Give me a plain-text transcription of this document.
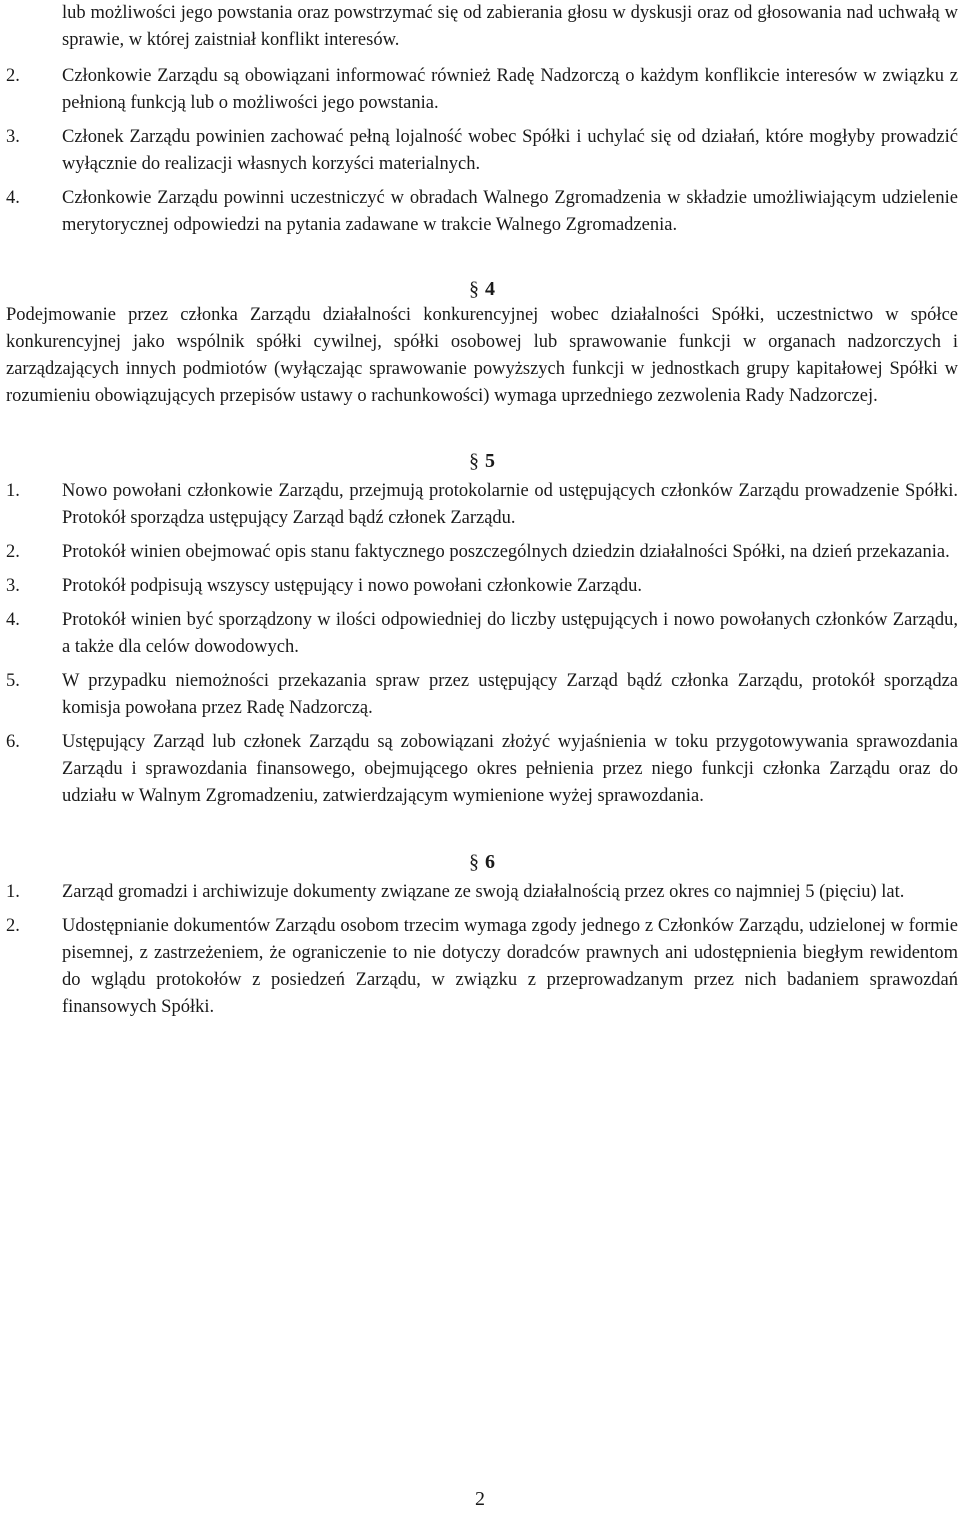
lub możliwości jego powstania oraz powstrzymać się od zabierania głosu w dyskusji oraz od głosowania nad uchwałą w sprawie, w której zaistniał konflikt interesów.
2.	Członkowie Zarządu są obowiązani informować również Radę Nadzorczą o każdym konflikcie interesów w związku z pełnioną funkcją lub o możliwości jego powstania.
3.	Członek Zarządu powinien zachować pełną lojalność wobec Spółki i uchylać się od działań, które mogłyby prowadzić wyłącznie do realizacji własnych korzyści materialnych.
4.	Członkowie Zarządu powinni uczestniczyć w obradach Walnego Zgromadzenia w składzie umożliwiającym udzielenie merytorycznej odpowiedzi na pytania zadawane w trakcie Walnego Zgromadzenia.
§ 4
Podejmowanie przez członka Zarządu działalności konkurencyjnej wobec działalności Spółki, uczestnictwo w spółce konkurencyjnej jako wspólnik spółki cywilnej, spółki osobowej lub sprawowanie funkcji w organach nadzorczych i zarządzających innych podmiotów (wyłączając sprawowanie powyższych funkcji w jednostkach grupy kapitałowej Spółki w rozumieniu obowiązujących przepisów ustawy o rachunkowości) wymaga uprzedniego zezwolenia Rady Nadzorczej.
§ 5
1.	Nowo powołani członkowie Zarządu, przejmują protokolarnie od ustępujących członków Zarządu prowadzenie Spółki. Protokół sporządza ustępujący Zarząd bądź członek Zarządu.
2.	Protokół winien obejmować opis stanu faktycznego poszczególnych dziedzin działalności Spółki, na dzień przekazania.
3.	Protokół podpisują wszyscy ustępujący i nowo powołani członkowie Zarządu.
4.	Protokół winien być sporządzony w ilości odpowiedniej do liczby ustępujących i nowo powołanych członków Zarządu, a także dla celów dowodowych.
5.	W przypadku niemożności przekazania spraw przez ustępujący Zarząd bądź członka Zarządu, protokół sporządza komisja powołana przez Radę Nadzorczą.
6.	Ustępujący Zarząd lub członek Zarządu są zobowiązani złożyć wyjaśnienia w toku przygotowywania sprawozdania Zarządu i sprawozdania finansowego, obejmującego okres pełnienia przez niego funkcji członka Zarządu oraz do udziału w Walnym Zgromadzeniu, zatwierdzającym wymienione wyżej sprawozdania.
§ 6
1.	Zarząd gromadzi i archiwizuje dokumenty związane ze swoją działalnością przez okres co najmniej 5 (pięciu) lat.
2.	Udostępnianie dokumentów Zarządu osobom trzecim wymaga zgody jednego z Członków Zarządu, udzielonej w formie pisemnej, z zastrzeżeniem, że ograniczenie to nie dotyczy doradców prawnych ani udostępnienia biegłym rewidentom do wglądu protokołów z posiedzeń Zarządu, w związku z przeprowadzanym przez nich badaniem sprawozdań finansowych Spółki.
2
